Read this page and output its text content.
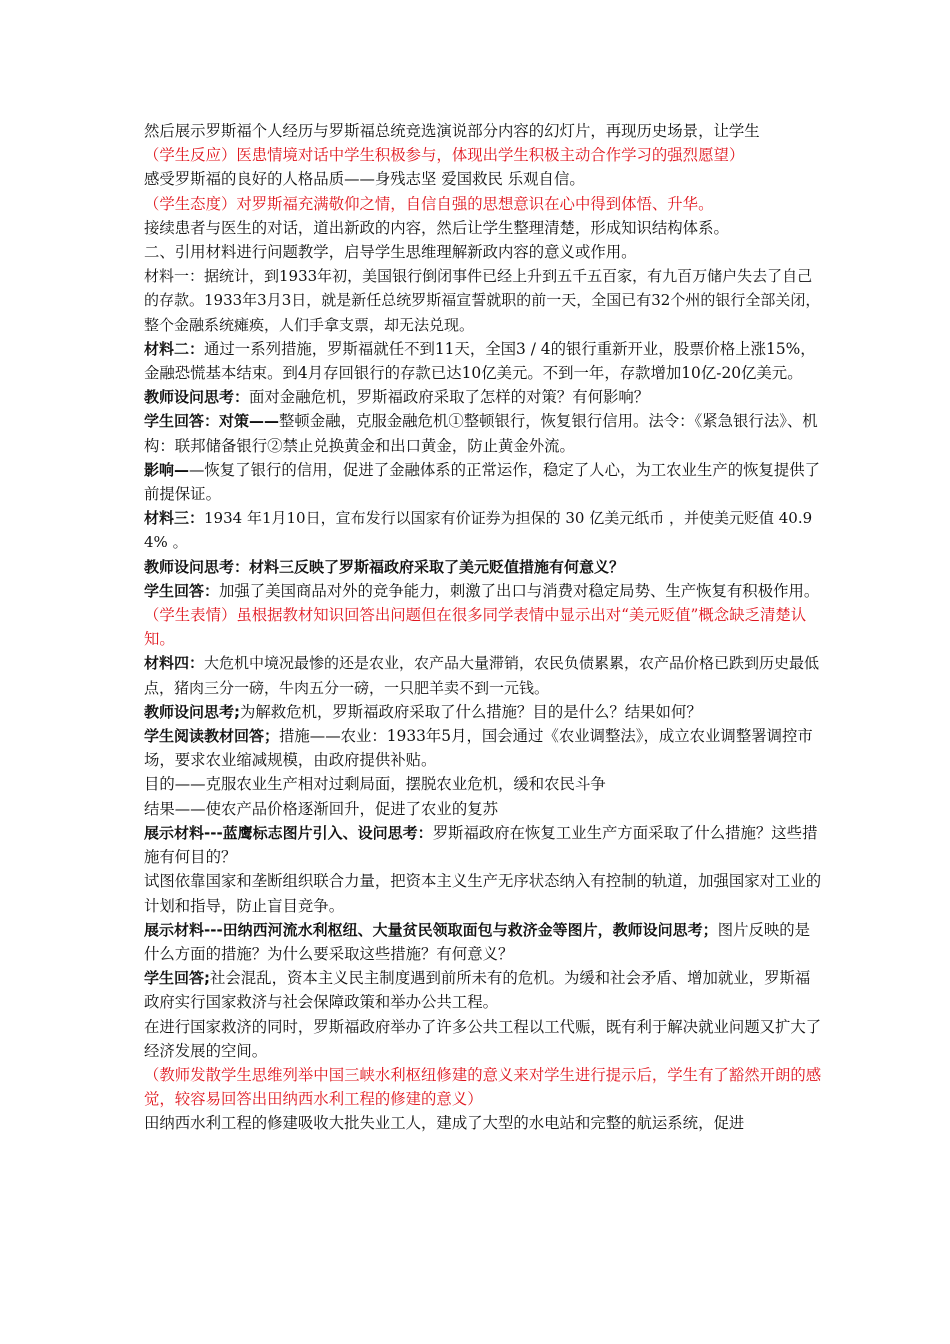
然后展示罗斯福个人经历与罗斯福总统竞选演说部分内容的幻灯片，再现历史场景，让学生

（学生反应）医患情境对话中学生积极参与，体现出学生积极主动合作学习的强烈愿望）

感受罗斯福的良好的人格品质——身残志坚 爱国救民 乐观自信。

（学生态度）对罗斯福充满敬仰之情，自信自强的思想意识在心中得到体悟、升华。

接续患者与医生的对话，道出新政的内容，然后让学生整理清楚，形成知识结构体系。

二、引用材料进行问题教学，启导学生思维理解新政内容的意义或作用。

材料一：据统计，到1933年初，美国银行倒闭事件已经上升到五千五百家，有九百万储户失去了自己的存款。1933年3月3日，就是新任总统罗斯福宣誓就职的前一天，全国已有32个州的银行全部关闭，整个金融系统瘫痪，人们手拿支票，却无法兑现。

材料二：通过一系列措施，罗斯福就任不到11天，全国3 / 4的银行重新开业，股票价格上涨15%，金融恐慌基本结束。到4月存回银行的存款已达10亿美元。不到一年，存款增加10亿-20亿美元。

教师设问思考：面对金融危机，罗斯福政府采取了怎样的对策？有何影响？

学生回答：对策——整顿金融，克服金融危机①整顿银行，恢复银行信用。法令：《紧急银行法》、机构：联邦储备银行②禁止兑换黄金和出口黄金，防止黄金外流。

影响——恢复了银行的信用，促进了金融体系的正常运作，稳定了人心，为工农业生产的恢复提供了前提保证。

材料三：1934 年1月10日，宣布发行以国家有价证券为担保的 30 亿美元纸币 ，并使美元贬值 40.94% 。

教师设问思考：材料三反映了罗斯福政府采取了美元贬值措施有何意义？

学生回答：加强了美国商品对外的竞争能力，刺激了出口与消费对稳定局势、生产恢复有积极作用。

（学生表情）虽根据教材知识回答出问题但在很多同学表情中显示出对“美元贬值”概念缺乏清楚认知。

材料四：大危机中境况最惨的还是农业，农产品大量滞销，农民负债累累，农产品价格已跌到历史最低点，猪肉三分一磅，牛肉五分一磅，一只肥羊卖不到一元钱。

教师设问思考;为解救危机，罗斯福政府采取了什么措施？目的是什么？结果如何？

学生阅读教材回答；措施——农业：1933年5月，国会通过《农业调整法》，成立农业调整署调控市场，要求农业缩减规模，由政府提供补贴。

目的——克服农业生产相对过剩局面，摆脱农业危机，缓和农民斗争

结果——使农产品价格逐渐回升，促进了农业的复苏

展示材料---蓝鹰标志图片引入、设问思考：罗斯福政府在恢复工业生产方面采取了什么措施？这些措施有何目的？

试图依靠国家和垄断组织联合力量，把资本主义生产无序状态纳入有控制的轨道，加强国家对工业的计划和指导，防止盲目竞争。

展示材料---田纳西河流水利枢纽、大量贫民领取面包与救济金等图片，教师设问思考；图片反映的是什么方面的措施？为什么要采取这些措施？有何意义？

学生回答;社会混乱，资本主义民主制度遇到前所未有的危机。为缓和社会矛盾、增加就业，罗斯福政府实行国家救济与社会保障政策和举办公共工程。

在进行国家救济的同时，罗斯福政府举办了许多公共工程以工代赈，既有利于解决就业问题又扩大了经济发展的空间。

（教师发散学生思维列举中国三峡水利枢纽修建的意义来对学生进行提示后，学生有了豁然开朗的感觉，较容易回答出田纳西水利工程的修建的意义）

田纳西水利工程的修建吸收大批失业工人，建成了大型的水电站和完整的航运系统，促进
